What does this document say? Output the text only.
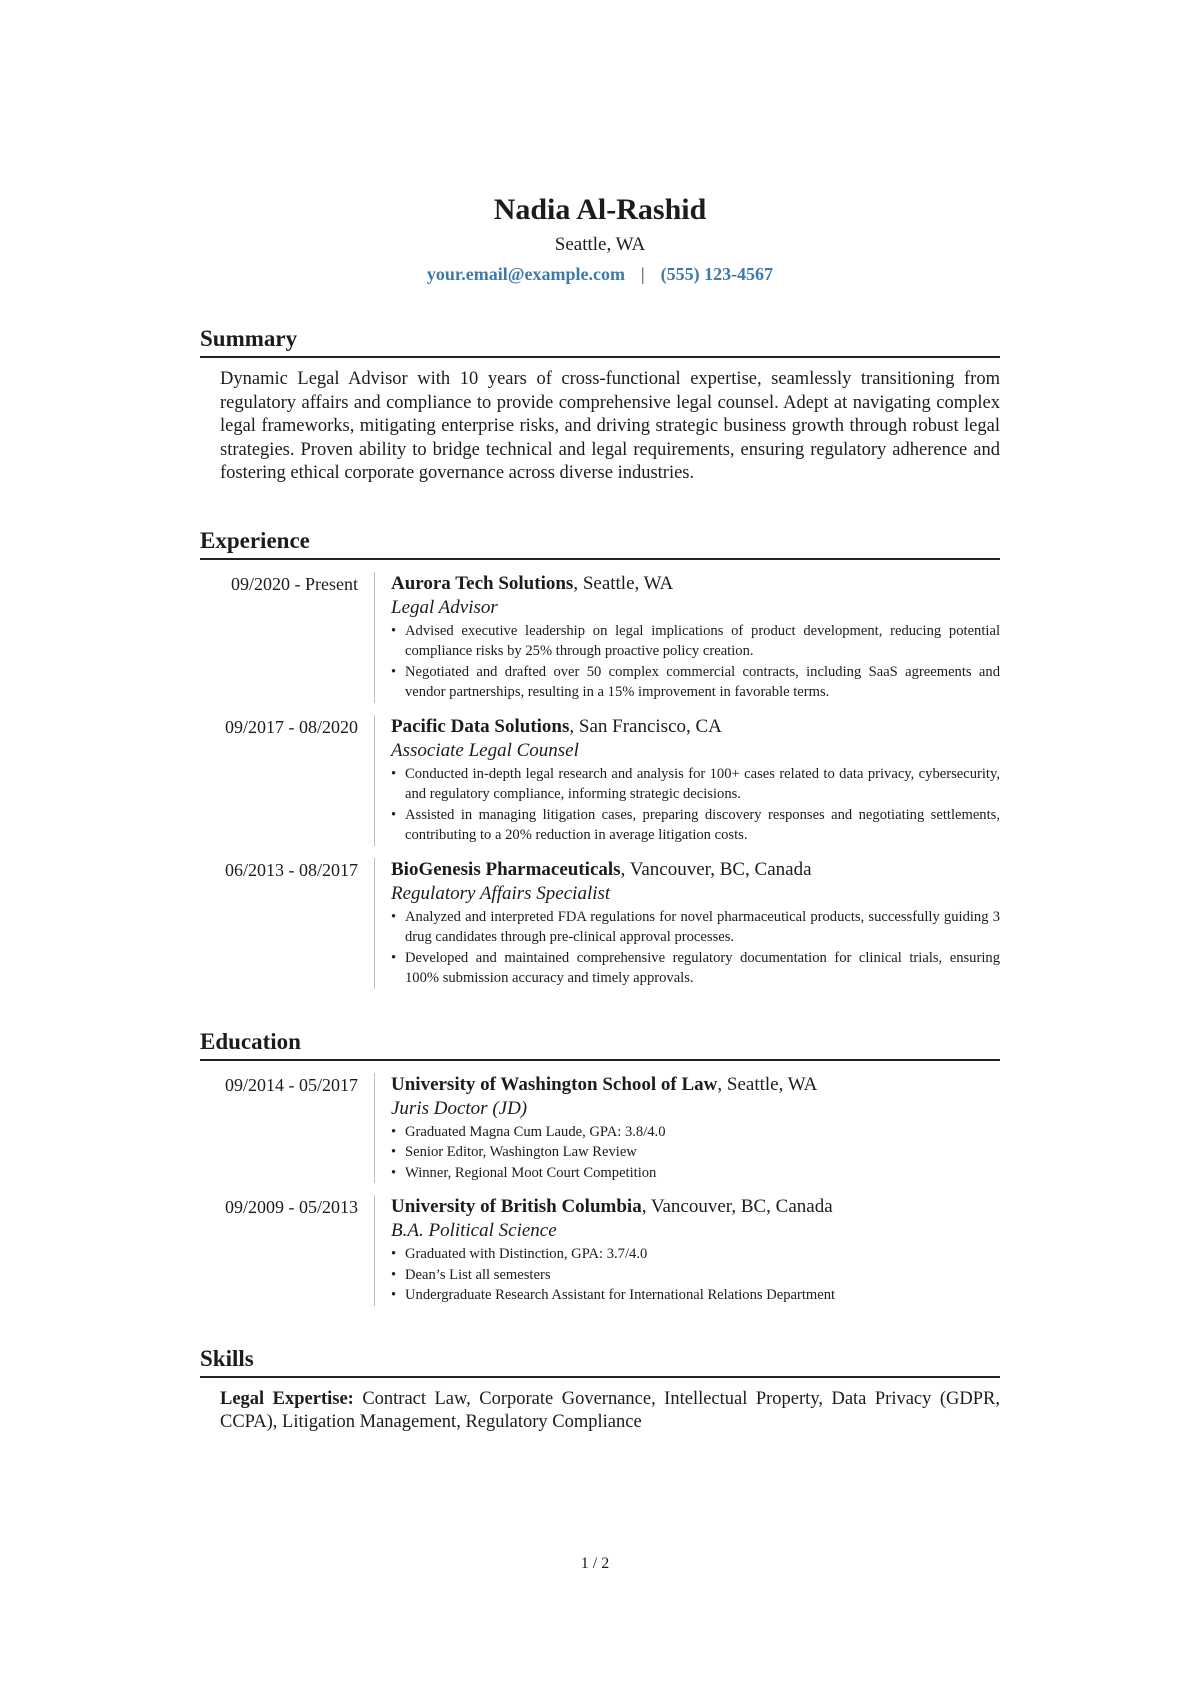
Nadia Al-Rashid
Seattle, WA
your.email@example.com | (555) 123-4567
Summary

Dynamic Legal Advisor with 10 years of cross-functional expertise, seamlessly transitioning from regulatory affairs and compliance to provide comprehensive legal counsel. Adept at navigating complex legal frameworks, mitigating enterprise risks, and driving strategic business growth through robust legal strategies. Proven ability to bridge technical and legal requirements, ensuring regulatory adherence and fostering ethical corporate governance across diverse industries.

Experience
09/2020 - Present	Aurora Tech Solutions, Seattle, WA
Legal Advisor
• Advised executive leadership on legal implications of product development, reducing potential compliance risks by 25% through proactive policy creation.
• Negotiated and drafted over 50 complex commercial contracts, including SaaS agreements and vendor partnerships, resulting in a 15% improvement in favorable terms.
09/2017 - 08/2020	Pacific Data Solutions, San Francisco, CA
Associate Legal Counsel
• Conducted in-depth legal research and analysis for 100+ cases related to data privacy, cybersecurity, and regulatory compliance, informing strategic decisions.
• Assisted in managing litigation cases, preparing discovery responses and negotiating settlements, contributing to a 20% reduction in average litigation costs.
06/2013 - 08/2017	BioGenesis Pharmaceuticals, Vancouver, BC, Canada
Regulatory Affairs Specialist
• Analyzed and interpreted FDA regulations for novel pharmaceutical products, successfully guiding 3 drug candidates through pre-clinical approval processes.
• Developed and maintained comprehensive regulatory documentation for clinical trials, ensuring 100% submission accuracy and timely approvals.
Education
09/2014 - 05/2017	University of Washington School of Law, Seattle, WA
Juris Doctor (JD)
• Graduated Magna Cum Laude, GPA: 3.8/4.0
• Senior Editor, Washington Law Review
• Winner, Regional Moot Court Competition
09/2009 - 05/2013	University of British Columbia, Vancouver, BC, Canada
B.A. Political Science
• Graduated with Distinction, GPA: 3.7/4.0
• Dean’s List all semesters
• Undergraduate Research Assistant for International Relations Department
Skills

Legal Expertise: Contract Law, Corporate Governance, Intellectual Property, Data Privacy (GDPR, CCPA), Litigation Management, Regulatory Compliance

1 / 2
